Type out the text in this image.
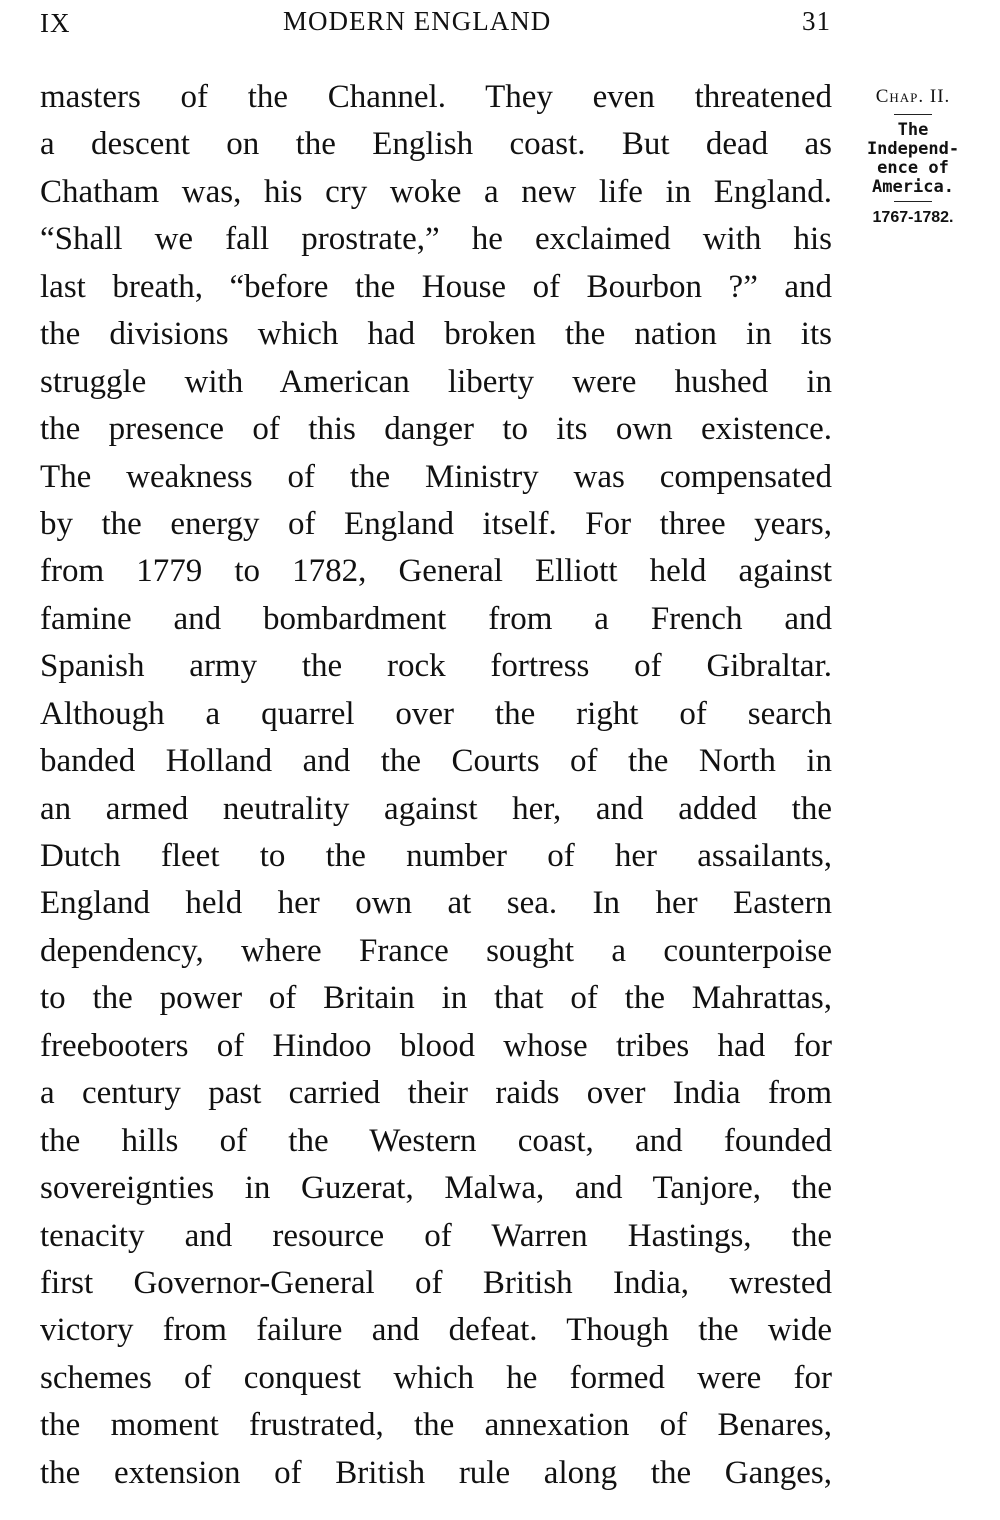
IX	MODERN ENGLAND	31
Chap. II.
The
Independ-
ence of
America.
1767-1782.
masters of the Channel. They even threatened
a descent on the English coast. But dead as
Chatham was, his cry woke a new life in England.
“Shall we fall prostrate,” he exclaimed with his
last breath, “before the House of Bourbon ?” and
the divisions which had broken the nation in its
struggle with American liberty were hushed in
the presence of this danger to its own existence.
The weakness of the Ministry was compensated
by the energy of England itself. For three years,
from 1779 to 1782, General Elliott held against
famine and bombardment from a French and
Spanish army the rock fortress of Gibraltar.
Although a quarrel over the right of search
banded Holland and the Courts of the North in
an armed neutrality against her, and added the
Dutch fleet to the number of her assailants,
England held her own at sea. In her Eastern
dependency, where France sought a counterpoise
to the power of Britain in that of the Mahrattas,
freebooters of Hindoo blood whose tribes had for
a century past carried their raids over India from
the hills of the Western coast, and founded
sovereignties in Guzerat, Malwa, and Tanjore, the
tenacity and resource of Warren Hastings, the
first Governor-General of British India, wrested
victory from failure and defeat. Though the wide
schemes of conquest which he formed were for
the moment frustrated, the annexation of Benares,
the extension of British rule along the Ganges,
